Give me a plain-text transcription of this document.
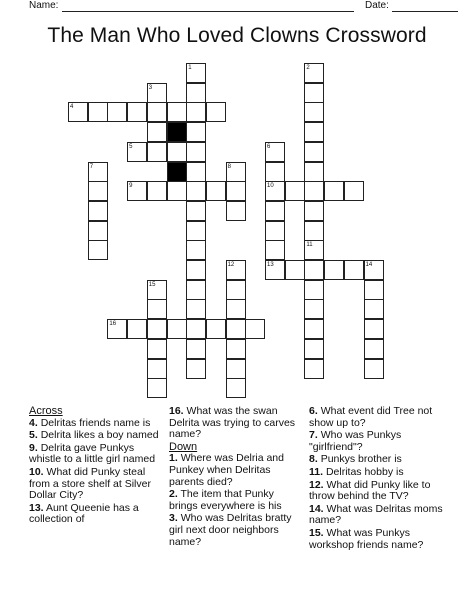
Name:	Date:
The Man Who Loved Clowns Crossword
1	2
3
4
5	6
7	8
9	10
11
12	13	14
15
16
Across
4. Delritas friends name is
5. Delrita likes a boy named
9. Delrita gave Punkys whistle to a little girl named
10. What did Punky steal from a store shelf at Silver Dollar City?
13. Aunt Queenie has a collection of
16. What was the swan Delrita was trying to carves name?
Down
1. Where was Delria and Punkey when Delritas parents died?
2. The item that Punky brings everywhere is his
3. Who was Delritas bratty girl next door neighbors name?
6. What event did Tree not show up to?
7. Who was Punkys "girlfriend"?
8. Punkys brother is
11. Delritas hobby is
12. What did Punky like to throw behind the TV?
14. What was Delritas moms name?
15. What was Punkys workshop friends name?
